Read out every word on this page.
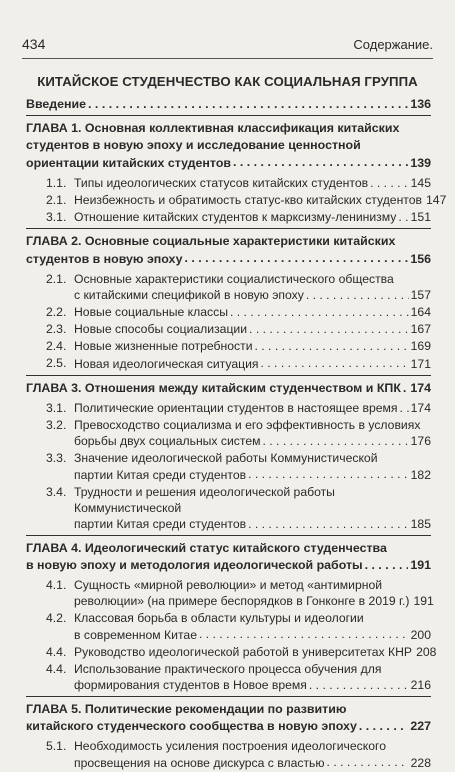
434	Содержание.
КИТАЙСКОЕ СТУДЕНЧЕСТВО КАК СОЦИАЛЬНАЯ ГРУППА
Введение . . .	136
ГЛАВА 1. Основная коллективная классификация китайских
студентов в новую эпоху и исследование ценностной
ориентации китайских студентов . . .	139
1.1. Типы идеологических статусов китайских студентов . . .	145
2.1. Неизбежность и обратимость статус-кво китайских студентов 147
3.1. Отношение китайских студентов к марксизму-ленинизму . . . 151
ГЛАВА 2. Основные социальные характеристики китайских
студентов в новую эпоху . . .	156
2.1. Основные характеристики социалистического общества
с китайскими спецификой в новую эпоху . . .	157
2.2. Новые социальные классы . . .	164
2.3. Новые способы социализации . . .	167
2.4. Новые жизненные потребности . . .	169
2.5. Новая идеологическая ситуация . . .	171
ГЛАВА 3. Отношения между китайским студенчеством и КПК . . . 174
3.1. Политические ориентации студентов в настоящее время . . . 174
3.2. Превосходство социализма и его эффективность в условиях
борьбы двух социальных систем . . .	176
3.3. Значение идеологической работы Коммунистической
партии Китая среди студентов . . .	182
3.4. Трудности и решения идеологической работы Коммунистической
партии Китая среди студентов . . .	185
ГЛАВА 4. Идеологический статус китайского студенчества
в новую эпоху и методология идеологической работы . . .	191
4.1. Сущность «мирной революции» и метод «антимирной
революции» (на примере беспорядков в Гонконге в 2019 г.) 191
4.2. Классовая борьба в области культуры и идеологии
в современном Китае . . .	200
4.4. Руководство идеологической работой в университетах КНР 208
4.4. Использование практического процесса обучения для
формирования студентов в Новое время . . .	216
ГЛАВА 5. Политические рекомендации по развитию
китайского студенческого сообщества в новую эпоху . . .	227
5.1. Необходимость усиления построения идеологического
просвещения на основе дискурса с властью . . .	228
